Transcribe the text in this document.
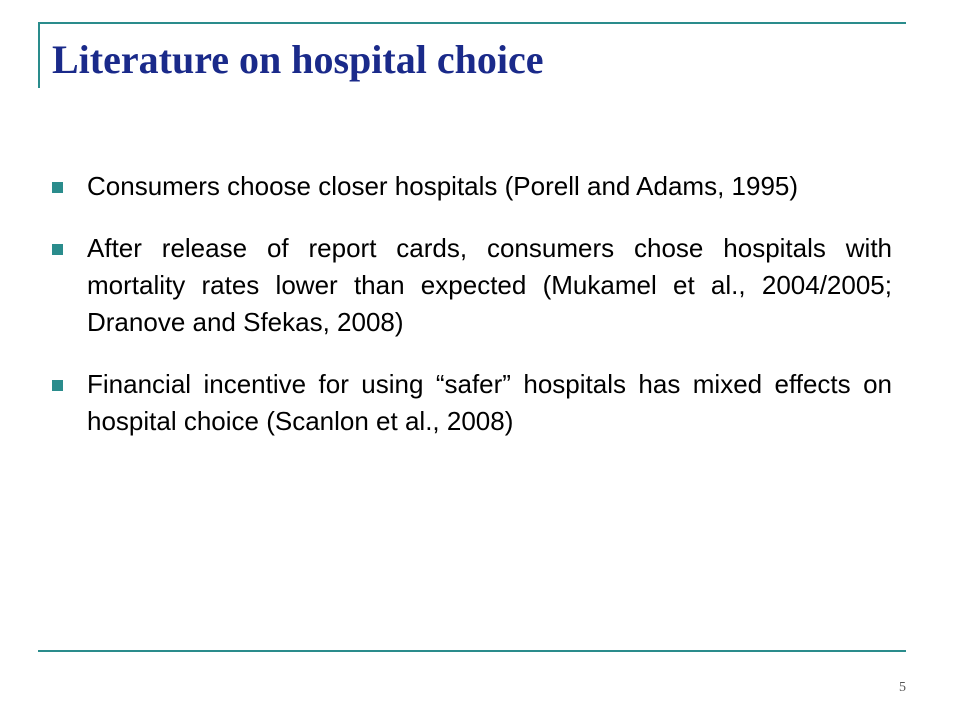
Literature on hospital choice
Consumers choose closer hospitals (Porell and Adams, 1995)
After release of report cards, consumers chose hospitals with mortality rates lower than expected (Mukamel et al., 2004/2005; Dranove and Sfekas, 2008)
Financial incentive for using “safer” hospitals has mixed effects on hospital choice (Scanlon et al., 2008)
5
